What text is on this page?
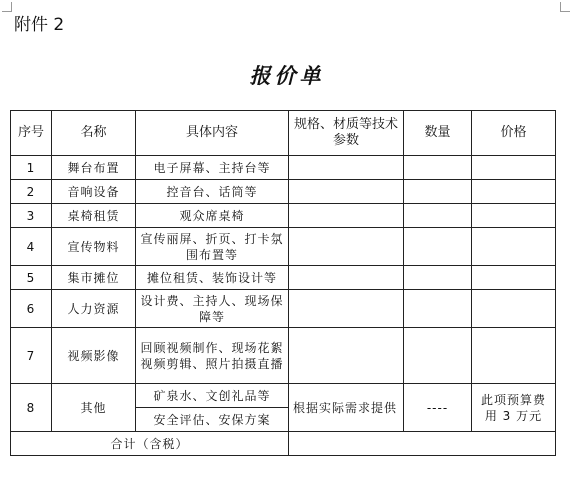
附件 2
报价单
序号	名称	具体内容	规格、材质等技术参数	数量	价格
1	舞台布置	电子屏幕、主持台等			
2	音响设备	控音台、话筒等			
3	桌椅租赁	观众席桌椅			
4	宣传物料	宣传丽屏、折页、打卡氛围布置等			
5	集市摊位	摊位租赁、装饰设计等			
6	人力资源	设计费、主持人、现场保障等			
7	视频影像	回顾视频制作、现场花絮视频剪辑、照片拍摄直播			
8	其他	矿泉水、文创礼品等	根据实际需求提供	----	此项预算费用 3 万元
		安全评估、安保方案			
合计（含税）					
